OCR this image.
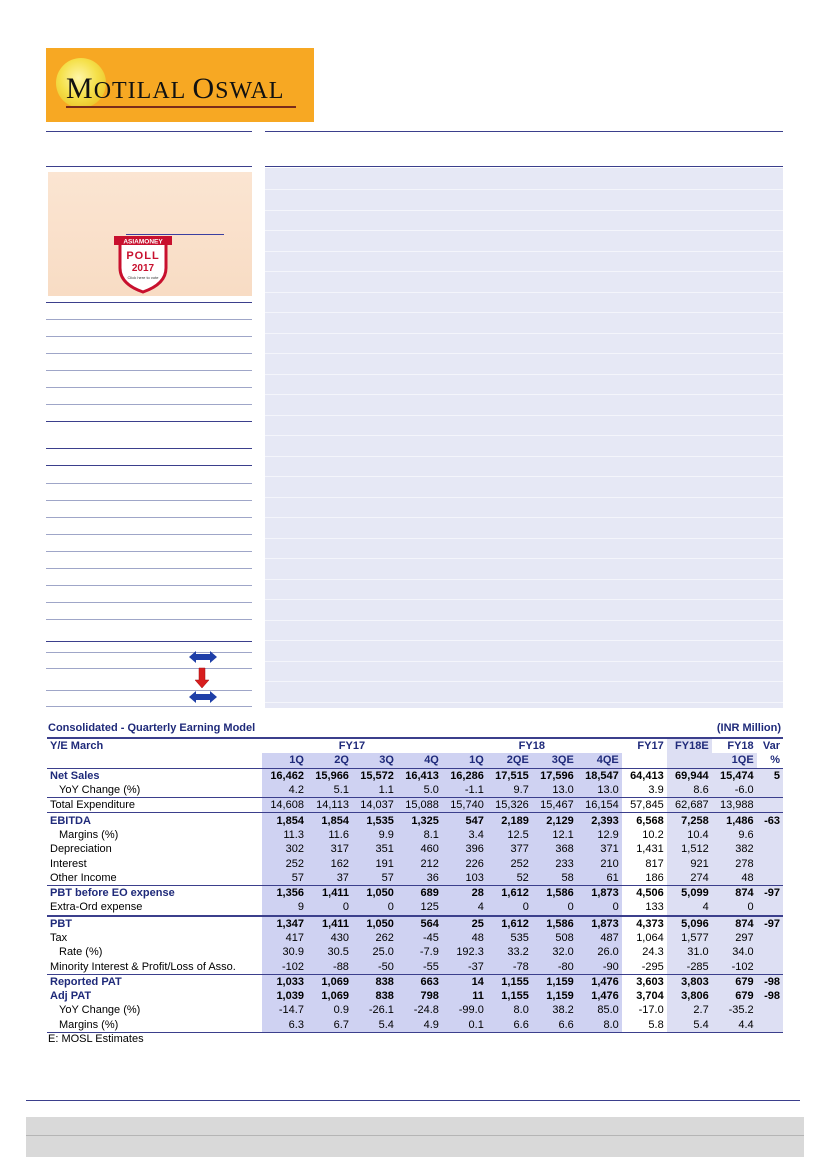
MOTILAL OSWAL
ASIAMONEY
POLL
2017
Click here to vote
Consolidated - Quarterly Earning Model	(INR Million)
Y/E March	FY17				FY18				FY17	FY18E	FY18	Var
	1Q	2Q	3Q	4Q	1Q	2QE	3QE	4QE			1QE	%
Net Sales	16,462	15,966	15,572	16,413	16,286	17,515	17,596	18,547	64,413	69,944	15,474	5
YoY Change (%)	4.2	5.1	1.1	5.0	-1.1	9.7	13.0	13.0	3.9	8.6	-6.0	
Total Expenditure	14,608	14,113	14,037	15,088	15,740	15,326	15,467	16,154	57,845	62,687	13,988	
EBITDA	1,854	1,854	1,535	1,325	547	2,189	2,129	2,393	6,568	7,258	1,486	-63
Margins (%)	11.3	11.6	9.9	8.1	3.4	12.5	12.1	12.9	10.2	10.4	9.6	
Depreciation	302	317	351	460	396	377	368	371	1,431	1,512	382	
Interest	252	162	191	212	226	252	233	210	817	921	278	
Other Income	57	37	57	36	103	52	58	61	186	274	48	
PBT before EO expense	1,356	1,411	1,050	689	28	1,612	1,586	1,873	4,506	5,099	874	-97
Extra-Ord expense	9	0	0	125	4	0	0	0	133	4	0	
PBT	1,347	1,411	1,050	564	25	1,612	1,586	1,873	4,373	5,096	874	-97
Tax	417	430	262	-45	48	535	508	487	1,064	1,577	297	
Rate (%)	30.9	30.5	25.0	-7.9	192.3	33.2	32.0	26.0	24.3	31.0	34.0	
Minority Interest & Profit/Loss of Asso.	-102	-88	-50	-55	-37	-78	-80	-90	-295	-285	-102	
Reported PAT	1,033	1,069	838	663	14	1,155	1,159	1,476	3,603	3,803	679	-98
Adj PAT	1,039	1,069	838	798	11	1,155	1,159	1,476	3,704	3,806	679	-98
YoY Change (%)	-14.7	0.9	-26.1	-24.8	-99.0	8.0	38.2	85.0	-17.0	2.7	-35.2	
Margins (%)	6.3	6.7	5.4	4.9	0.1	6.6	6.6	8.0	5.8	5.4	4.4	
E: MOSL Estimates
